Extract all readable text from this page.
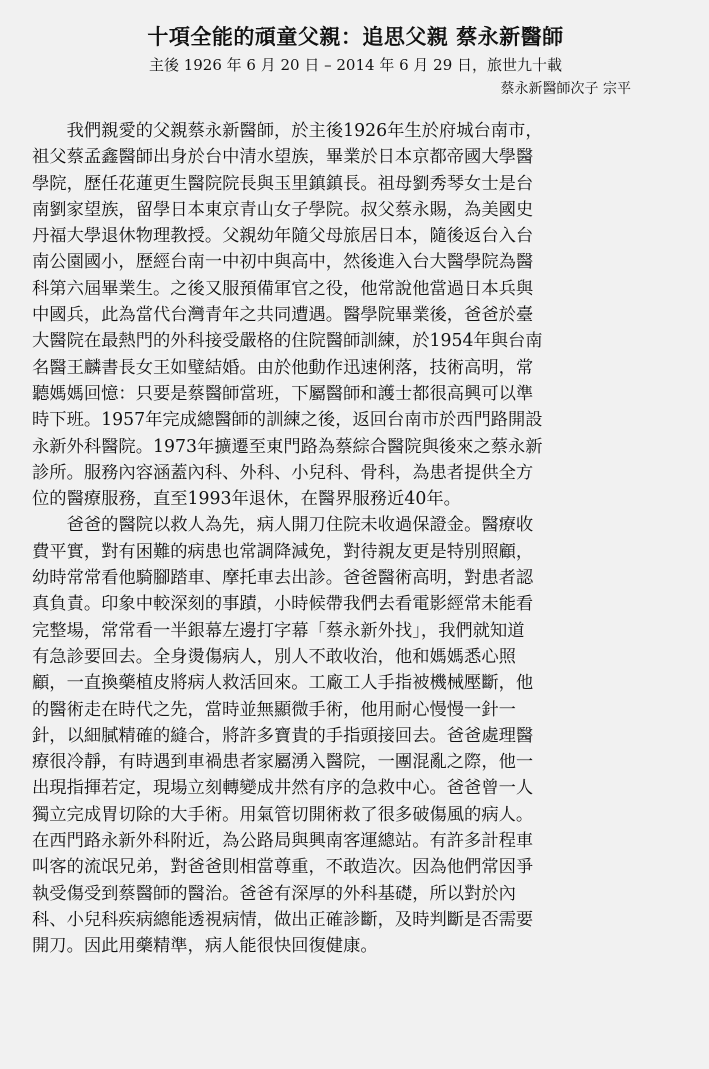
十項全能的頑童父親：追思父親 蔡永新醫師

主後 1926 年 6 月 20 日 – 2014 年 6 月 29 日，旅世九十載

蔡永新醫師次子 宗平

我們親愛的父親蔡永新醫師，於主後1926年生於府城台南市，
祖父蔡孟鑫醫師出身於台中清水望族，畢業於日本京都帝國大學醫
學院，歷任花蓮更生醫院院長與玉里鎮鎮長。祖母劉秀琴女士是台
南劉家望族，留學日本東京青山女子學院。叔父蔡永賜，為美國史
丹福大學退休物理教授。父親幼年隨父母旅居日本，隨後返台入台
南公園國小，歷經台南一中初中與高中，然後進入台大醫學院為醫
科第六屆畢業生。之後又服預備軍官之役，他常說他當過日本兵與
中國兵，此為當代台灣青年之共同遭遇。醫學院畢業後，爸爸於臺
大醫院在最熱門的外科接受嚴格的住院醫師訓練，於1954年與台南
名醫王麟書長女王如璧結婚。由於他動作迅速俐落，技術高明，常
聽媽媽回憶：只要是蔡醫師當班，下屬醫師和護士都很高興可以準
時下班。1957年完成總醫師的訓練之後，返回台南市於西門路開設
永新外科醫院。1973年擴遷至東門路為蔡綜合醫院與後來之蔡永新
診所。服務內容涵蓋內科、外科、小兒科、骨科，為患者提供全方
位的醫療服務，直至1993年退休，在醫界服務近40年。
爸爸的醫院以救人為先，病人開刀住院未收過保證金。醫療收
費平實，對有困難的病患也常調降減免，對待親友更是特別照顧，
幼時常常看他騎腳踏車、摩托車去出診。爸爸醫術高明，對患者認
真負責。印象中較深刻的事蹟，小時候帶我們去看電影經常未能看
完整場，常常看一半銀幕左邊打字幕「蔡永新外找」，我們就知道
有急診要回去。全身燙傷病人，別人不敢收治，他和媽媽悉心照
顧，一直換藥植皮將病人救活回來。工廠工人手指被機械壓斷，他
的醫術走在時代之先，當時並無顯微手術，他用耐心慢慢一針一
針，以細膩精確的縫合，將許多寶貴的手指頭接回去。爸爸處理醫
療很冷靜，有時遇到車禍患者家屬湧入醫院，一團混亂之際，他一
出現指揮若定，現場立刻轉變成井然有序的急救中心。爸爸曾一人
獨立完成胃切除的大手術。用氣管切開術救了很多破傷風的病人。
在西門路永新外科附近，為公路局與興南客運總站。有許多計程車
叫客的流氓兄弟，對爸爸則相當尊重，不敢造次。因為他們常因爭
執受傷受到蔡醫師的醫治。爸爸有深厚的外科基礎，所以對於內
科、小兒科疾病總能透視病情，做出正確診斷，及時判斷是否需要
開刀。因此用藥精準，病人能很快回復健康。
